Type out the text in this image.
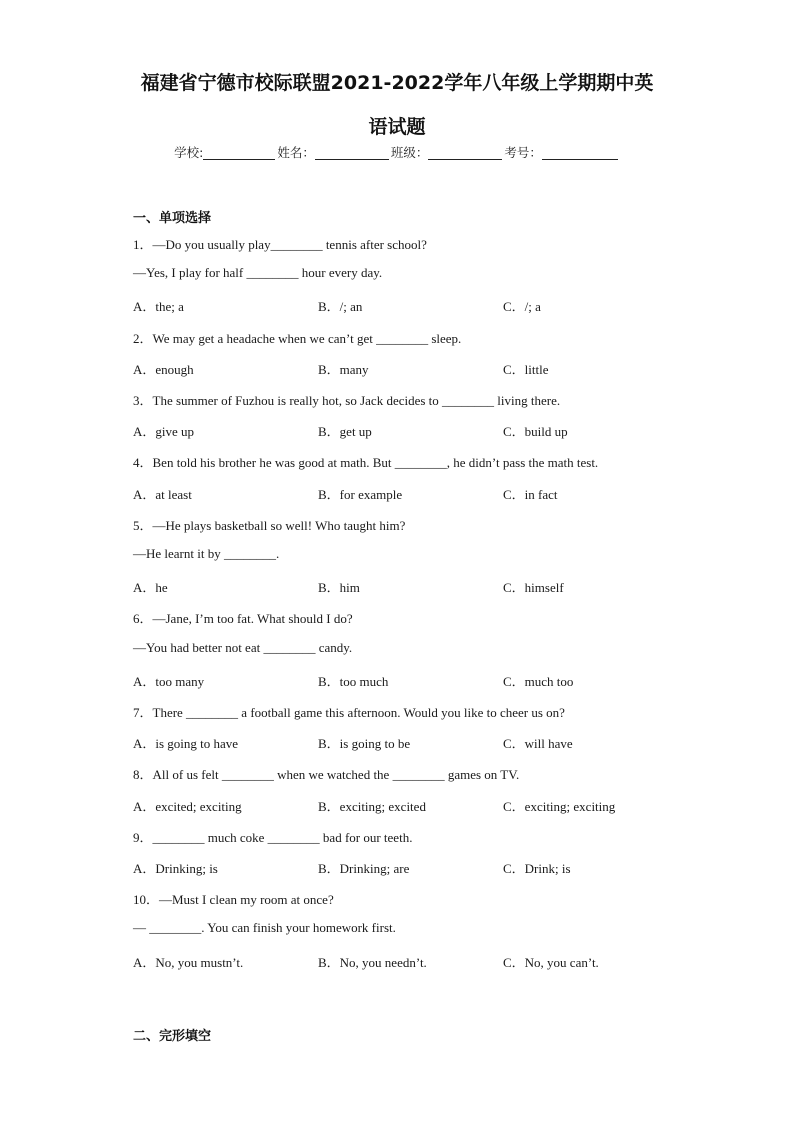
福建省宁德市校际联盟2021-2022学年八年级上学期期中英
语试题
学校:	姓名：	班级：	考号：
一、单项选择
1．—Do you usually play________ tennis after school?
—Yes, I play for half ________ hour every day.
A．the; a	B．/; an	C．/; a
2．We may get a headache when we can’t get ________ sleep.
A．enough	B．many	C．little
3．The summer of Fuzhou is really hot, so Jack decides to ________ living there.
A．give up	B．get up	C．build up
4．Ben told his brother he was good at math. But ________, he didn’t pass the math test.
A．at least	B．for example	C．in fact
5．—He plays basketball so well! Who taught him?
—He learnt it by ________.
A．he	B．him	C．himself
6．—Jane, I’m too fat. What should I do?
—You had better not eat ________ candy.
A．too many	B．too much	C．much too
7．There ________ a football game this afternoon. Would you like to cheer us on?
A．is going to have	B．is going to be	C．will have
8．All of us felt ________ when we watched the ________ games on TV.
A．excited; exciting	B．exciting; excited	C．exciting; exciting
9．________ much coke ________ bad for our teeth.
A．Drinking; is	B．Drinking; are	C．Drink; is
10．—Must I clean my room at once?
— ________. You can finish your homework first.
A．No, you mustn’t.	B．No, you needn’t.	C．No, you can’t.
二、完形填空
